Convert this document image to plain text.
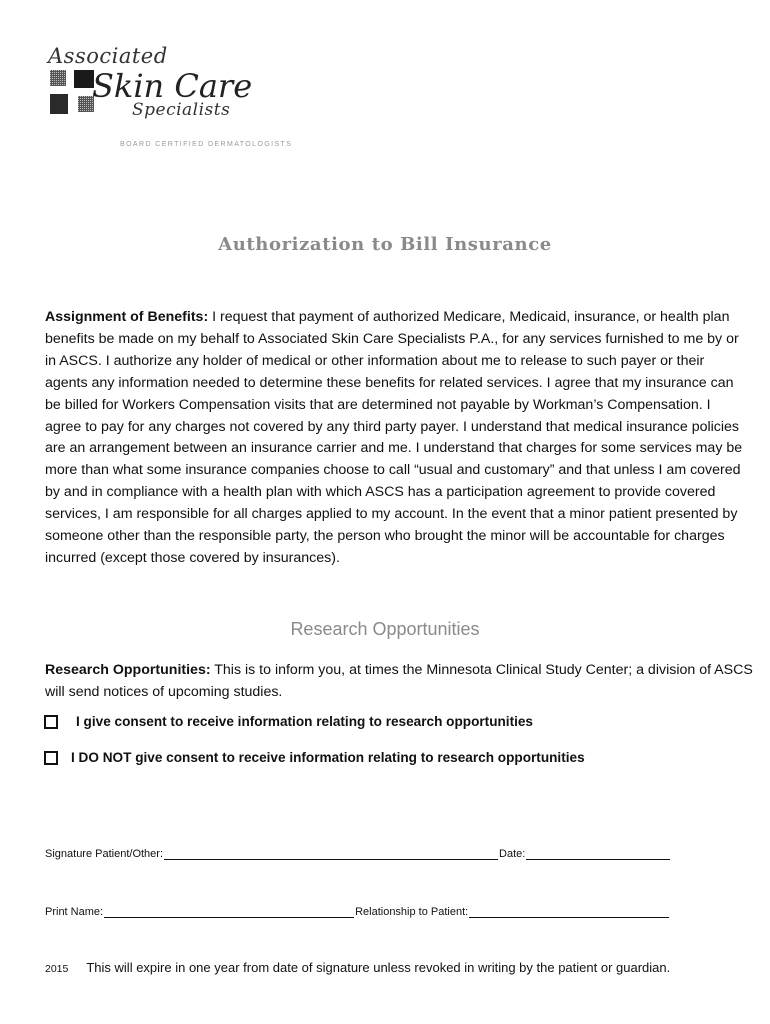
Associated
Skin Care
Specialists
BOARD CERTIFIED DERMATOLOGISTS
Authorization to Bill Insurance

Assignment of Benefits: I request that payment of authorized Medicare, Medicaid, insurance, or health plan
benefits be made on my behalf to Associated Skin Care Specialists P.A., for any services furnished to me by or
in ASCS. I authorize any holder of medical or other information about me to release to such payer or their
agents any information needed to determine these benefits for related services. I agree that my insurance can
be billed for Workers Compensation visits that are determined not payable by Workman’s Compensation. I
agree to pay for any charges not covered by any third party payer. I understand that medical insurance policies
are an arrangement between an insurance carrier and me. I understand that charges for some services may be
more than what some insurance companies choose to call “usual and customary” and that unless I am covered
by and in compliance with a health plan with which ASCS has a participation agreement to provide covered
services, I am responsible for all charges applied to my account. In the event that a minor patient presented by
someone other than the responsible party, the person who brought the minor will be accountable for charges
incurred (except those covered by insurances).

Research Opportunities

Research Opportunities: This is to inform you, at times the Minnesota Clinical Study Center; a division of ASCS
will send notices of upcoming studies.

I give consent to receive information relating to research opportunities
I DO NOT give consent to receive information relating to research opportunities
Signature Patient/Other:	Date:
Print Name:	Relationship to Patient:
2015 This will expire in one year from date of signature unless revoked in writing by the patient or guardian.
